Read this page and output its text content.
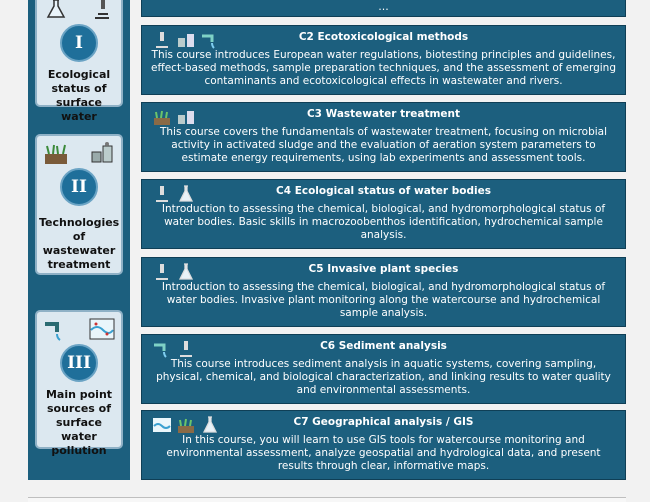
…
I
Ecological status of surface water
II
Technologies of wastewater treatment
III
Main point sources of surface water pollution
C2 Ecotoxicological methods
This course introduces European water regulations, biotesting principles and guidelines, effect-based methods, sample preparation techniques, and the assessment of emerging contaminants and ecotoxicological effects in wastewater and rivers.
C3 Wastewater treatment
This course covers the fundamentals of wastewater treatment, focusing on microbial activity in activated sludge and the evaluation of aeration system parameters to estimate energy requirements, using lab experiments and assessment tools.
C4 Ecological status of water bodies
Introduction to assessing the chemical, biological, and hydromorphological status of water bodies. Basic skills in macrozoobenthos identification, hydrochemical sample analysis.
C5 Invasive plant species
Introduction to assessing the chemical, biological, and hydromorphological status of water bodies. Invasive plant monitoring along the watercourse and hydrochemical sample analysis.
C6 Sediment analysis
This course introduces sediment analysis in aquatic systems, covering sampling, physical, chemical, and biological characterization, and linking results to water quality and environmental assessments.
C7 Geographical analysis / GIS
In this course, you will learn to use GIS tools for watercourse monitoring and environmental assessment, analyze geospatial and hydrological data, and present results through clear, informative maps.
